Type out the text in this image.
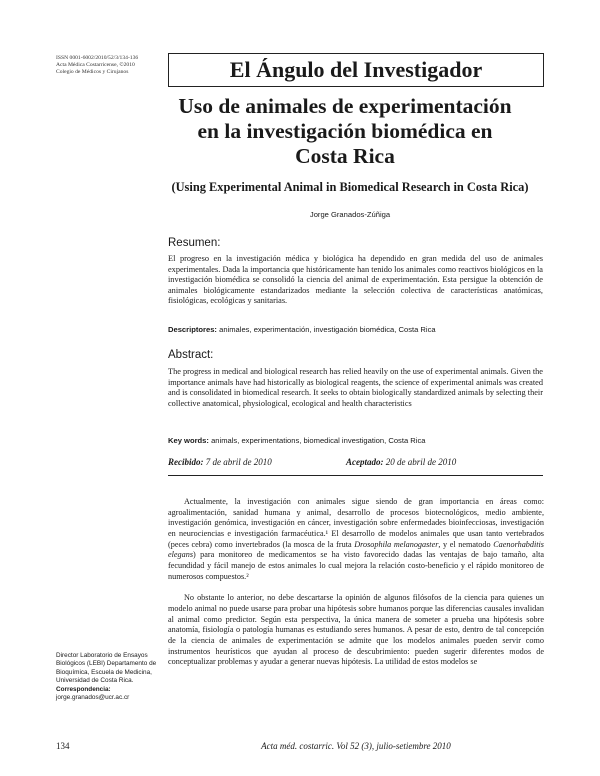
ISSN 0001-6002/2010/52/3/134-136
Acta Médica Costarricense, ©2010
Colegio de Médicos y Cirujanos	El Ángulo del Investigador
Uso de animales de experimentación
en la investigación biomédica en
Costa Rica
(Using Experimental Animal in Biomedical Research in Costa Rica)
Jorge Granados-Zúñiga
Resumen:
El progreso en la investigación médica y biológica ha dependido en gran medida del uso de animales experimentales. Dada la importancia que históricamente han tenido los animales como reactivos biológicos en la investigación biomédica se consolidó la ciencia del animal de experimentación. Esta persigue la obtención de animales biológicamente estandarizados mediante la selección colectiva de características anatómicas, fisiológicas, ecológicas y sanitarias.
Descriptores: animales, experimentación, investigación biomédica, Costa Rica
Abstract:
The progress in medical and biological research has relied heavily on the use of experimental animals. Given the importance animals have had historically as biological reagents, the science of experimental animals was created and is consolidated in biomedical research. It seeks to obtain biologically standardized animals by selecting their collective anatomical, physiological, ecological and health characteristics
Key words: animals, experimentations, biomedical investigation, Costa Rica
Recibido: 7 de abril de 2010	Aceptado: 20 de abril de 2010

Actualmente, la investigación con animales sigue siendo de gran importancia en áreas como: agroalimentación, sanidad humana y animal, desarrollo de procesos biotecnológicos, medio ambiente, investigación genómica, investigación en cáncer, investigación sobre enfermedades bioinfecciosas, investigación en neurociencias e investigación farmacéutica.¹ El desarrollo de modelos animales que usan tanto vertebrados (peces cebra) como invertebrados (la mosca de la fruta Drosophila melanogaster, y el nematodo Caenorhabditis elegans) para monitoreo de medicamentos se ha visto favorecido dadas las ventajas de bajo tamaño, alta fecundidad y fácil manejo de estos animales lo cual mejora la relación costo-beneficio y el rápido monitoreo de numerosos compuestos.²

No obstante lo anterior, no debe descartarse la opinión de algunos filósofos de la ciencia para quienes un modelo animal no puede usarse para probar una hipótesis sobre humanos porque las diferencias causales invalidan al animal como predictor. Según esta perspectiva, la única manera de someter a prueba una hipótesis sobre anatomía, fisiología o patología humanas es estudiando seres humanos. A pesar de esto, dentro de tal concepción de la ciencia de animales de experimentación se admite que los modelos animales pueden servir como instrumentos heurísticos que ayudan al proceso de descubrimiento: pueden sugerir diferentes modos de conceptualizar problemas y ayudar a generar nuevas hipótesis. La utilidad de estos modelos se

Director Laboratorio de Ensayos Biológicos (LEBI) Departamento de Bioquímica, Escuela de Medicina, Universidad de Costa Rica.
Correspondencia:
jorge.granados@ucr.ac.cr
134	Acta méd. costarric. Vol 52 (3), julio-setiembre 2010
